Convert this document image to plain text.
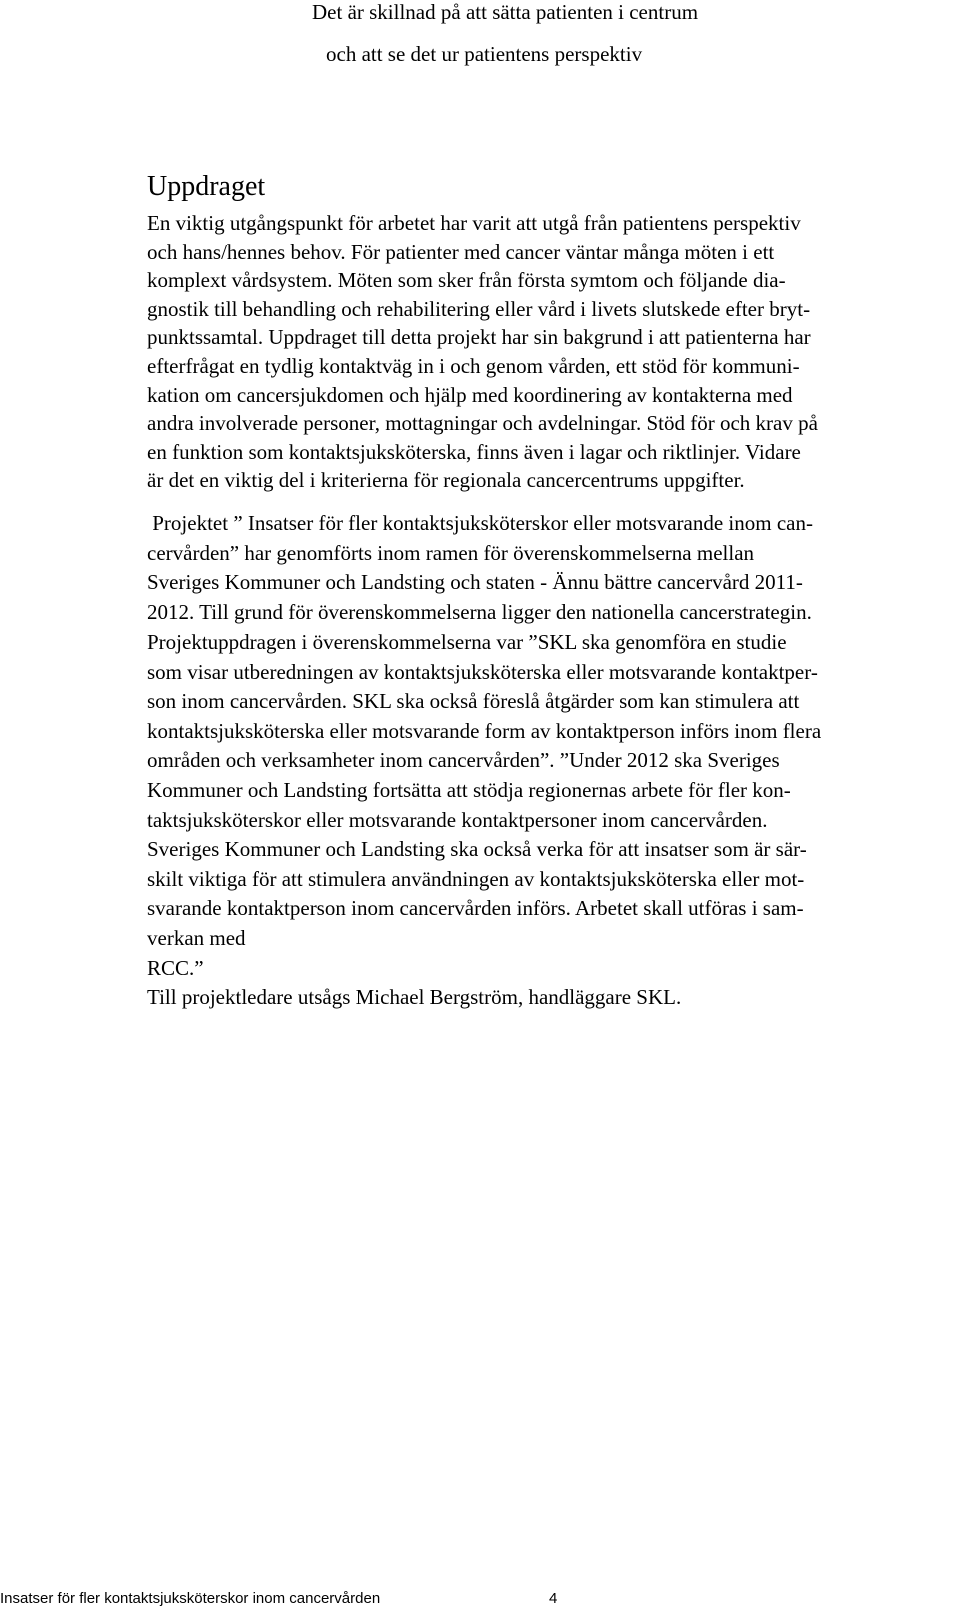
Det är skillnad på att sätta patienten i centrum
och att se det ur patientens perspektiv
Uppdraget
En viktig utgångspunkt för arbetet har varit att utgå från patientens perspektiv
och hans/hennes behov. För patienter med cancer väntar många möten i ett
komplext vårdsystem. Möten som sker från första symtom och följande dia-
gnostik till behandling och rehabilitering eller vård i livets slutskede efter bryt-
punktssamtal. Uppdraget till detta projekt har sin bakgrund i att patienterna har
efterfrågat en tydlig kontaktväg in i och genom vården, ett stöd för kommuni-
kation om cancersjukdomen och hjälp med koordinering av kontakterna med
andra involverade personer, mottagningar och avdelningar. Stöd för och krav på
en funktion som kontaktsjuksköterska, finns även i lagar och riktlinjer. Vidare
är det en viktig del i kriterierna för regionala cancercentrums uppgifter.
Projektet ” Insatser för fler kontaktsjuksköterskor eller motsvarande inom can-
cervården” har genomförts inom ramen för överenskommelserna mellan
Sveriges Kommuner och Landsting och staten - Ännu bättre cancervård 2011-
2012. Till grund för överenskommelserna ligger den nationella cancerstrategin.
Projektuppdragen i överenskommelserna var ”SKL ska genomföra en studie
som visar utberedningen av kontaktsjuksköterska eller motsvarande kontaktper-
son inom cancervården. SKL ska också föreslå åtgärder som kan stimulera att
kontaktsjuksköterska eller motsvarande form av kontaktperson införs inom flera
områden och verksamheter inom cancervården”. ”Under 2012 ska Sveriges
Kommuner och Landsting fortsätta att stödja regionernas arbete för fler kon-
taktsjuksköterskor eller motsvarande kontaktpersoner inom cancervården.
Sveriges Kommuner och Landsting ska också verka för att insatser som är sär-
skilt viktiga för att stimulera användningen av kontaktsjuksköterska eller mot-
svarande kontaktperson inom cancervården införs. Arbetet skall utföras i sam-
verkan med
RCC.”
Till projektledare utsågs Michael Bergström, handläggare SKL.
Insatser för fler kontaktsjuksköterskor inom cancervården	4
